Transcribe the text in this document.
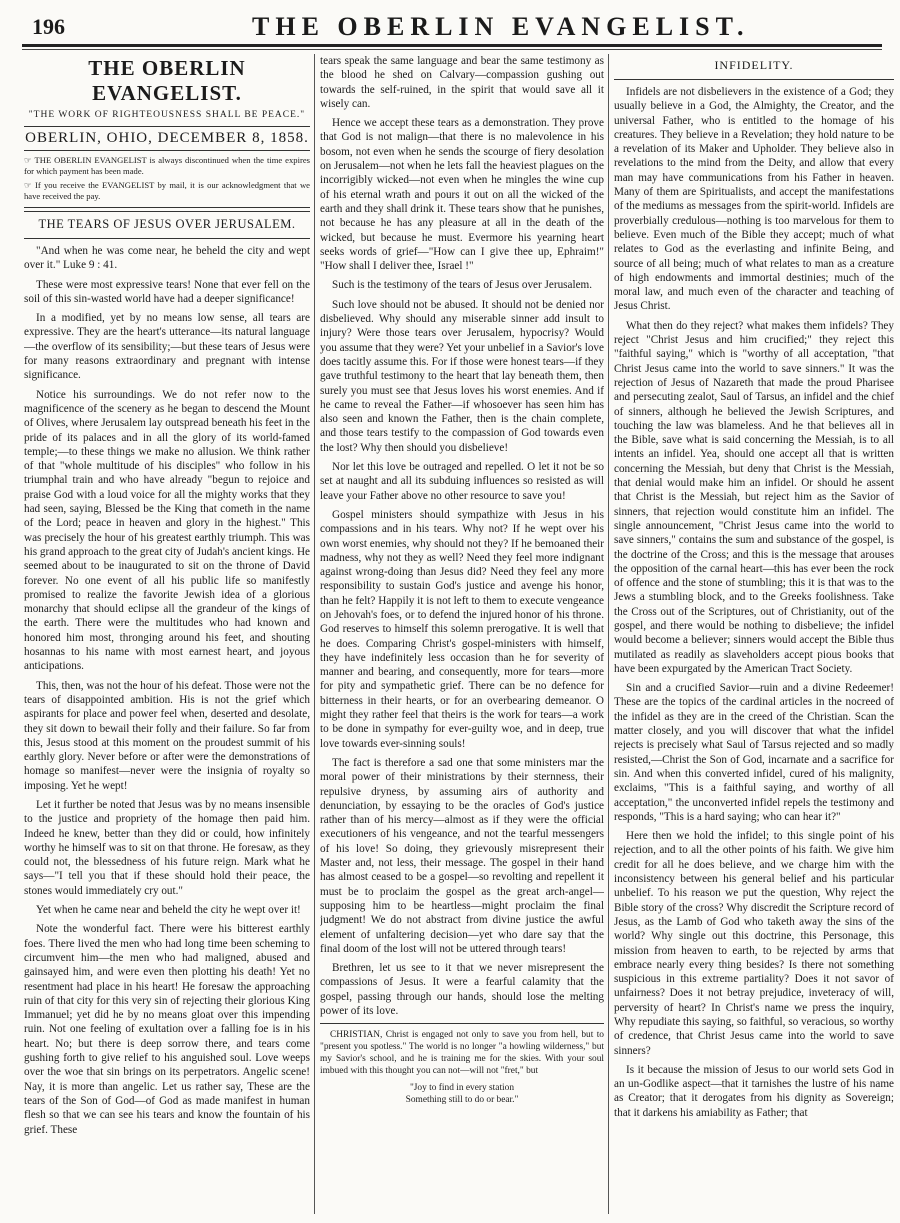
196	THE OBERLIN EVANGELIST.
THE OBERLIN EVANGELIST.
"THE WORK OF RIGHTEOUSNESS SHALL BE PEACE."
OBERLIN, OHIO, DECEMBER 8, 1858.

☞ THE OBERLIN EVANGELIST is always discontinued when the time expires for which payment has been made.

☞ If you receive the EVANGELIST by mail, it is our acknowledgment that we have received the pay.

THE TEARS OF JESUS OVER JERUSALEM.

"And when he was come near, he beheld the city and wept over it." Luke 9 : 41.

These were most expressive tears! None that ever fell on the soil of this sin-wasted world have had a deeper significance!

In a modified, yet by no means low sense, all tears are expressive. They are the heart's utterance—its natural language—the overflow of its sensibility;—but these tears of Jesus were for many reasons extraordinary and pregnant with intense significance.

Notice his surroundings. We do not refer now to the magnificence of the scenery as he began to descend the Mount of Olives, where Jerusalem lay outspread beneath his feet in the pride of its palaces and in all the glory of its world-famed temple;—to these things we make no allusion. We think rather of that "whole multitude of his disciples" who follow in his triumphal train and who have already "begun to rejoice and praise God with a loud voice for all the mighty works that they had seen, saying, Blessed be the King that cometh in the name of the Lord; peace in heaven and glory in the highest." This was precisely the hour of his greatest earthly triumph. This was his grand approach to the great city of Judah's ancient kings. He seemed about to be inaugurated to sit on the throne of David forever. No one event of all his public life so manifestly promised to realize the favorite Jewish idea of a glorious monarchy that should eclipse all the grandeur of the kings of the earth. There were the multitudes who had known and honored him most, thronging around his feet, and shouting hosannas to his name with most earnest heart, and joyous anticipations.

This, then, was not the hour of his defeat. Those were not the tears of disappointed ambition. His is not the grief which aspirants for place and power feel when, deserted and desolate, they sit down to bewail their folly and their failure. So far from this, Jesus stood at this moment on the proudest summit of his earthly glory. Never before or after were the demonstrations of homage so manifest—never were the insignia of royalty so imposing. Yet he wept!

Let it further be noted that Jesus was by no means insensible to the justice and propriety of the homage then paid him. Indeed he knew, better than they did or could, how infinitely worthy he himself was to sit on that throne. He foresaw, as they could not, the blessedness of his future reign. Mark what he says—"I tell you that if these should hold their peace, the stones would immediately cry out."

Yet when he came near and beheld the city he wept over it!

Note the wonderful fact. There were his bitterest earthly foes. There lived the men who had long time been scheming to circumvent him—the men who had maligned, abused and gainsayed him, and were even then plotting his death! Yet no resentment had place in his heart! He foresaw the approaching ruin of that city for this very sin of rejecting their glorious King Immanuel; yet did he by no means gloat over this impending ruin. Not one feeling of exultation over a falling foe is in his heart. No; but there is deep sorrow there, and tears come gushing forth to give relief to his anguished soul. Love weeps over the woe that sin brings on its perpetrators. Angelic scene! Nay, it is more than angelic. Let us rather say, These are the tears of the Son of God—of God as made manifest in human flesh so that we can see his tears and know the fountain of his grief. These

tears speak the same language and bear the same testimony as the blood he shed on Calvary—compassion gushing out towards the self-ruined, in the spirit that would save all it wisely can.

Hence we accept these tears as a demonstration. They prove that God is not malign—that there is no malevolence in his bosom, not even when he sends the scourge of fiery desolation on Jerusalem—not when he lets fall the heaviest plagues on the incorrigibly wicked—not even when he mingles the wine cup of his eternal wrath and pours it out on all the wicked of the earth and they shall drink it. These tears show that he punishes, not because he has any pleasure at all in the death of the wicked, but because he must. Evermore his yearning heart seeks words of grief—"How can I give thee up, Ephraim!" "How shall I deliver thee, Israel !"

Such is the testimony of the tears of Jesus over Jerusalem.

Such love should not be abused. It should not be denied nor disbelieved. Why should any miserable sinner add insult to injury? Were those tears over Jerusalem, hypocrisy? Would you assume that they were? Yet your unbelief in a Savior's love does tacitly assume this. For if those were honest tears—if they gave truthful testimony to the heart that lay beneath them, then surely you must see that Jesus loves his worst enemies. And if he came to reveal the Father—if whosoever has seen him has also seen and known the Father, then is the chain complete, and those tears testify to the compassion of God towards even the lost? Why then should you disbelieve!

Nor let this love be outraged and repelled. O let it not be so set at naught and all its subduing influences so resisted as will leave your Father above no other resource to save you!

Gospel ministers should sympathize with Jesus in his compassions and in his tears. Why not? If he wept over his own worst enemies, why should not they? If he bemoaned their madness, why not they as well? Need they feel more indignant against wrong-doing than Jesus did? Need they feel any more responsibility to sustain God's justice and avenge his honor, than he felt? Happily it is not left to them to execute vengeance on Jehovah's foes, or to defend the injured honor of his throne. God reserves to himself this solemn prerogative. It is well that he does. Comparing Christ's gospel-ministers with himself, they have indefinitely less occasion than he for severity of manner and bearing, and consequently, more for tears—more for pity and sympathetic grief. There can be no defence for bitterness in their hearts, or for an overbearing demeanor. O might they rather feel that theirs is the work for tears—a work to be done in sympathy for ever-guilty woe, and in deep, true love towards ever-sinning souls!

The fact is therefore a sad one that some ministers mar the moral power of their ministrations by their sternness, their repulsive dryness, by assuming airs of authority and denunciation, by essaying to be the oracles of God's justice rather than of his mercy—almost as if they were the official executioners of his vengeance, and not the tearful messengers of his love! So doing, they grievously misrepresent their Master and, not less, their message. The gospel in their hand has almost ceased to be a gospel—so revolting and repellent it must be to proclaim the gospel as the great arch-angel—supposing him to be heartless—might proclaim the final judgment! We do not abstract from divine justice the awful element of unfaltering decision—yet who dare say that the final doom of the lost will not be uttered through tears!

Brethren, let us see to it that we never misrepresent the compassions of Jesus. It were a fearful calamity that the gospel, passing through our hands, should lose the melting power of its love.

CHRISTIAN, Christ is engaged not only to save you from hell, but to "present you spotless." The world is no longer "a howling wilderness," but my Savior's school, and he is training me for the skies. With your soul imbued with this thought you can not—will not "fret," but

"Joy to find in every station

Something still to do or bear."

INFIDELITY.

Infidels are not disbelievers in the existence of a God; they usually believe in a God, the Almighty, the Creator, and the universal Father, who is entitled to the homage of his creatures. They believe in a Revelation; they hold nature to be a revelation of its Maker and Upholder. They believe also in revelations to the mind from the Deity, and allow that every man may have communications from his Father in heaven. Many of them are Spiritualists, and accept the manifestations of the mediums as messages from the spirit-world. Infidels are proverbially credulous—nothing is too marvelous for them to believe. Even much of the Bible they accept; much of what relates to God as the everlasting and infinite Being, and source of all being; much of what relates to man as a creature of high endowments and immortal destinies; much of the moral law, and much even of the character and teaching of Jesus Christ.

What then do they reject? what makes them infidels? They reject "Christ Jesus and him crucified;" they reject this "faithful saying," which is "worthy of all acceptation, "that Christ Jesus came into the world to save sinners." It was the rejection of Jesus of Nazareth that made the proud Pharisee and persecuting zealot, Saul of Tarsus, an infidel and the chief of sinners, although he believed the Jewish Scriptures, and touching the law was blameless. And he that believes all in the Bible, save what is said concerning the Messiah, is to all intents an infidel. Yea, should one accept all that is written concerning the Messiah, but deny that Christ is the Messiah, that denial would make him an infidel. Or should he assent that Christ is the Messiah, but reject him as the Savior of sinners, that rejection would constitute him an infidel. The single announcement, "Christ Jesus came into the world to save sinners," contains the sum and substance of the gospel, is the doctrine of the Cross; and this is the message that arouses the opposition of the carnal heart—this has ever been the rock of offence and the stone of stumbling; this it is that was to the Jews a stumbling block, and to the Greeks foolishness. Take the Cross out of the Scriptures, out of Christianity, out of the gospel, and there would be nothing to disbelieve; the infidel would become a believer; sinners would accept the Bible thus mutilated as readily as slaveholders accept pious books that have been expurgated by the American Tract Society.

Sin and a crucified Savior—ruin and a divine Redeemer! These are the topics of the cardinal articles in the nocreed of the infidel as they are in the creed of the Christian. Scan the matter closely, and you will discover that what the infidel rejects is precisely what Saul of Tarsus rejected and so madly resisted,—Christ the Son of God, incarnate and a sacrifice for sin. And when this converted infidel, cured of his malignity, exclaims, "This is a faithful saying, and worthy of all acceptation," the unconverted infidel repels the testimony and responds, "This is a hard saying; who can hear it?"

Here then we hold the infidel; to this single point of his rejection, and to all the other points of his faith. We give him credit for all he does believe, and we charge him with the inconsistency between his general belief and his particular unbelief. To his reason we put the question, Why reject the Bible story of the cross? Why discredit the Scripture record of Jesus, as the Lamb of God who taketh away the sins of the world? Why single out this doctrine, this Personage, this mission from heaven to earth, to be rejected by arms that embrace nearly every thing besides? Is there not something suspicious in this extreme partiality? Does it not savor of unfairness? Does it not betray prejudice, inveteracy of will, perversity of heart? In Christ's name we press the inquiry, Why repudiate this saying, so faithful, so veracious, so worthy of credence, that Christ Jesus came into the world to save sinners?

Is it because the mission of Jesus to our world sets God in an un-Godlike aspect—that it tarnishes the lustre of his name as Creator; that it derogates from his dignity as Sovereign; that it darkens his amiability as Father; that
